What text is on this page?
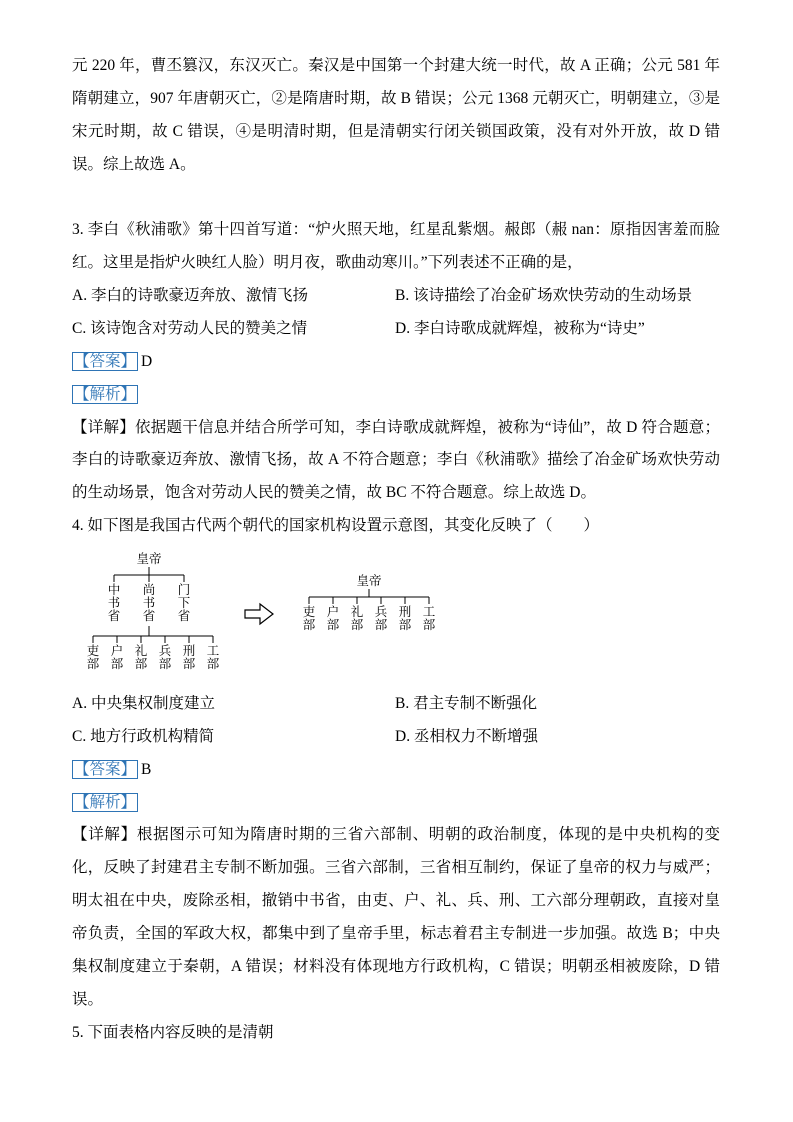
元 220 年，曹丕篡汉，东汉灭亡。秦汉是中国第一个封建大统一时代，故 A 正确；公元 581 年隋朝建立，907 年唐朝灭亡，②是隋唐时期，故 B 错误；公元 1368 元朝灭亡，明朝建立，③是宋元时期，故 C 错误，④是明清时期，但是清朝实行闭关锁国政策，没有对外开放，故 D 错误。综上故选 A。

3. 李白《秋浦歌》第十四首写道：“炉火照天地，红星乱紫烟。赧郎（赧 nan：原指因害羞而脸红。这里是指炉火映红人脸）明月夜，歌曲动寒川。”下列表述不正确的是，

A. 李白的诗歌豪迈奔放、激情飞扬	B. 该诗描绘了冶金矿场欢快劳动的生动场景

C. 该诗饱含对劳动人民的赞美之情	D. 李白诗歌成就辉煌，被称为“诗史”

【答案】 D

【解析】

【详解】依据题干信息并结合所学可知，李白诗歌成就辉煌，被称为“诗仙”，故 D 符合题意；李白的诗歌豪迈奔放、激情飞扬，故 A 不符合题意；李白《秋浦歌》描绘了冶金矿场欢快劳动的生动场景，饱含对劳动人民的赞美之情，故 BC 不符合题意。综上故选 D。

4. 如下图是我国古代两个朝代的国家机构设置示意图，其变化反映了（　　）

皇帝
中书省
尚书省
门下省
吏部
户部
礼部
兵部
刑部
工部
皇帝
吏部
户部
礼部
兵部
刑部
工部

A. 中央集权制度建立	B. 君主专制不断强化

C. 地方行政机构精简	D. 丞相权力不断增强

【答案】 B

【解析】

【详解】根据图示可知为隋唐时期的三省六部制、明朝的政治制度，体现的是中央机构的变化，反映了封建君主专制不断加强。三省六部制，三省相互制约，保证了皇帝的权力与威严；明太祖在中央，废除丞相，撤销中书省，由吏、户、礼、兵、刑、工六部分理朝政，直接对皇帝负责，全国的军政大权，都集中到了皇帝手里，标志着君主专制进一步加强。故选 B；中央集权制度建立于秦朝，A 错误；材料没有体现地方行政机构，C 错误；明朝丞相被废除，D 错误。

5. 下面表格内容反映的是清朝
